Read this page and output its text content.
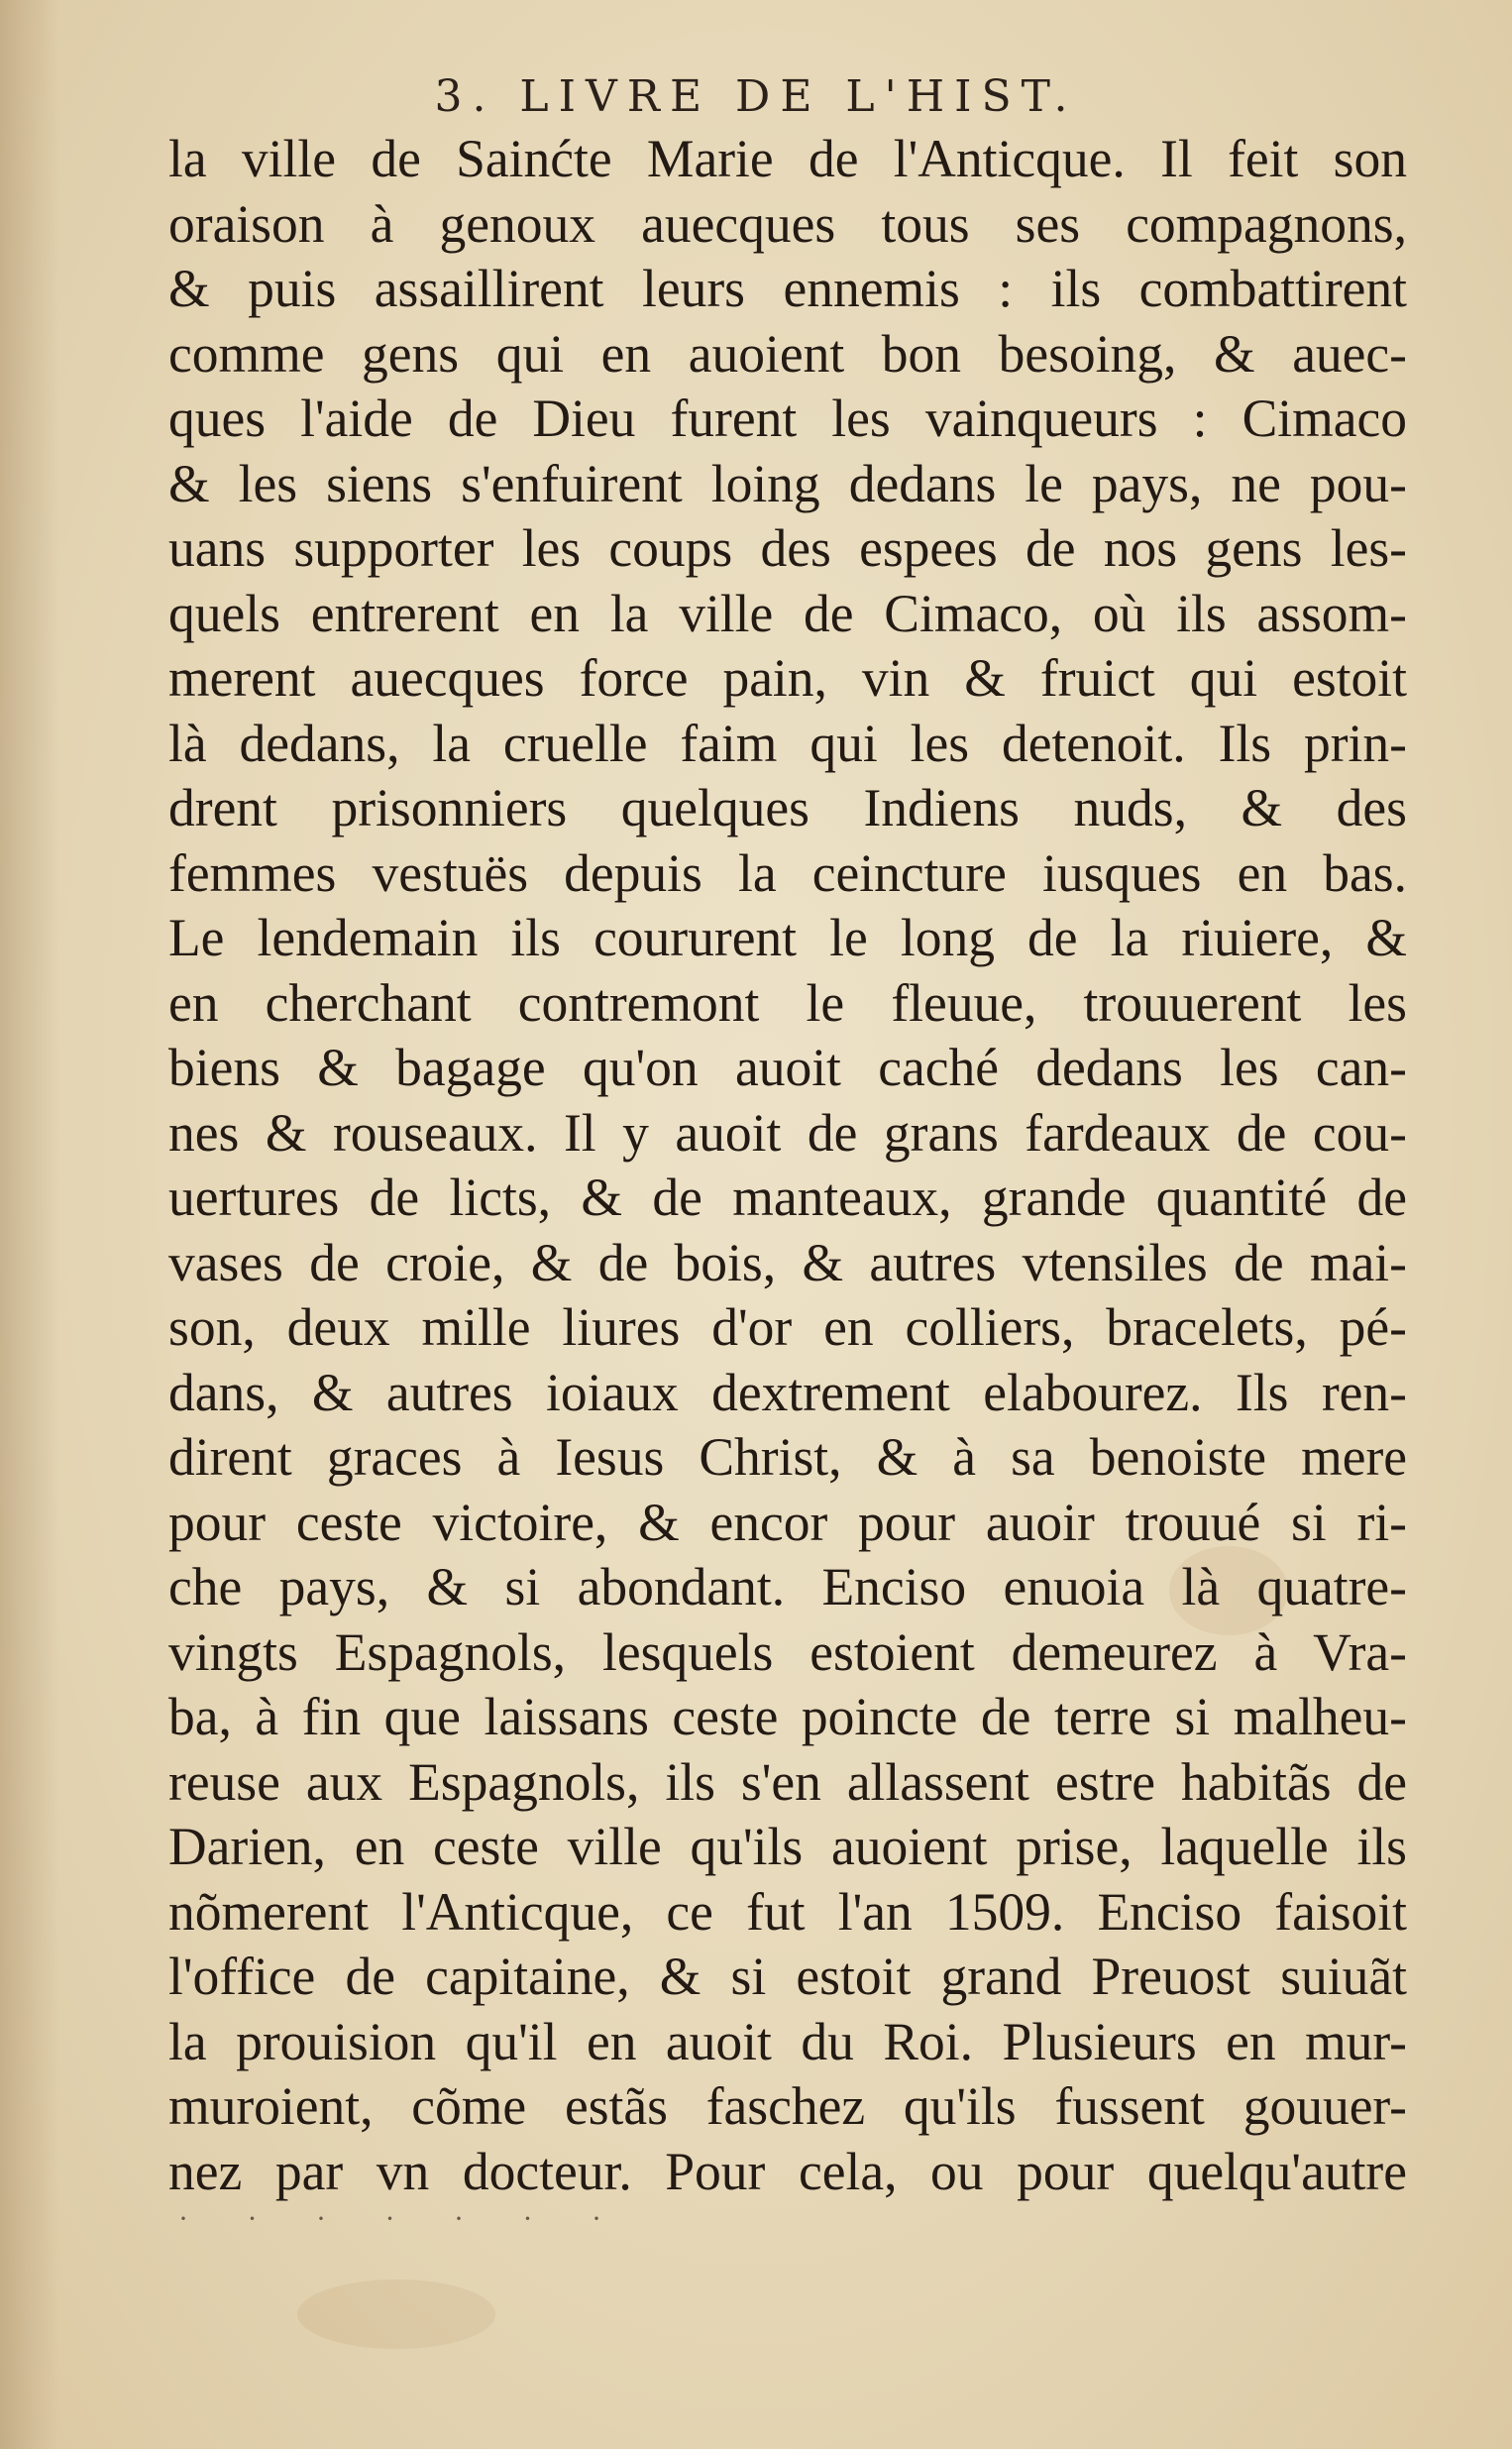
3. LIVRE DE L'HIST.
la ville de Sainćte Marie de l'Anticque. Il feit son
oraison à genoux auecques tous ses compagnons,
& puis assaillirent leurs ennemis : ils combattirent
comme gens qui en auoient bon besoing, & auec-
ques l'aide de Dieu furent les vainqueurs : Cimaco
& les siens s'enfuirent loing dedans le pays, ne pou-
uans supporter les coups des espees de nos gens les-
quels entrerent en la ville de Cimaco, où ils assom-
merent auecques force pain, vin & fruict qui estoit
là dedans, la cruelle faim qui les detenoit. Ils prin-
drent prisonniers quelques Indiens nuds, & des
femmes vestuës depuis la ceincture iusques en bas.
Le lendemain ils coururent le long de la riuiere, &
en cherchant contremont le fleuue, trouuerent les
biens & bagage qu'on auoit caché dedans les can-
nes & rouseaux. Il y auoit de grans fardeaux de cou-
uertures de licts, & de manteaux, grande quantité de
vases de croie, & de bois, & autres vtensiles de mai-
son, deux mille liures d'or en colliers, bracelets, pé-
dans, & autres ioiaux dextrement elabourez. Ils ren-
dirent graces à Iesus Christ, & à sa benoiste mere
pour ceste victoire, & encor pour auoir trouué si ri-
che pays, & si abondant. Enciso enuoia là quatre-
vingts Espagnols, lesquels estoient demeurez à Vra-
ba, à fin que laissans ceste poincte de terre si malheu-
reuse aux Espagnols, ils s'en allassent estre habitãs de
Darien, en ceste ville qu'ils auoient prise, laquelle ils
nõmerent l'Anticque, ce fut l'an 1509. Enciso faisoit
l'office de capitaine, & si estoit grand Preuost suiuãt
la prouision qu'il en auoit du Roi. Plusieurs en mur-
muroient, cõme estãs faschez qu'ils fussent gouuer-
nez par vn docteur. Pour cela, ou pour quelqu'autre
· · · · · · ·
